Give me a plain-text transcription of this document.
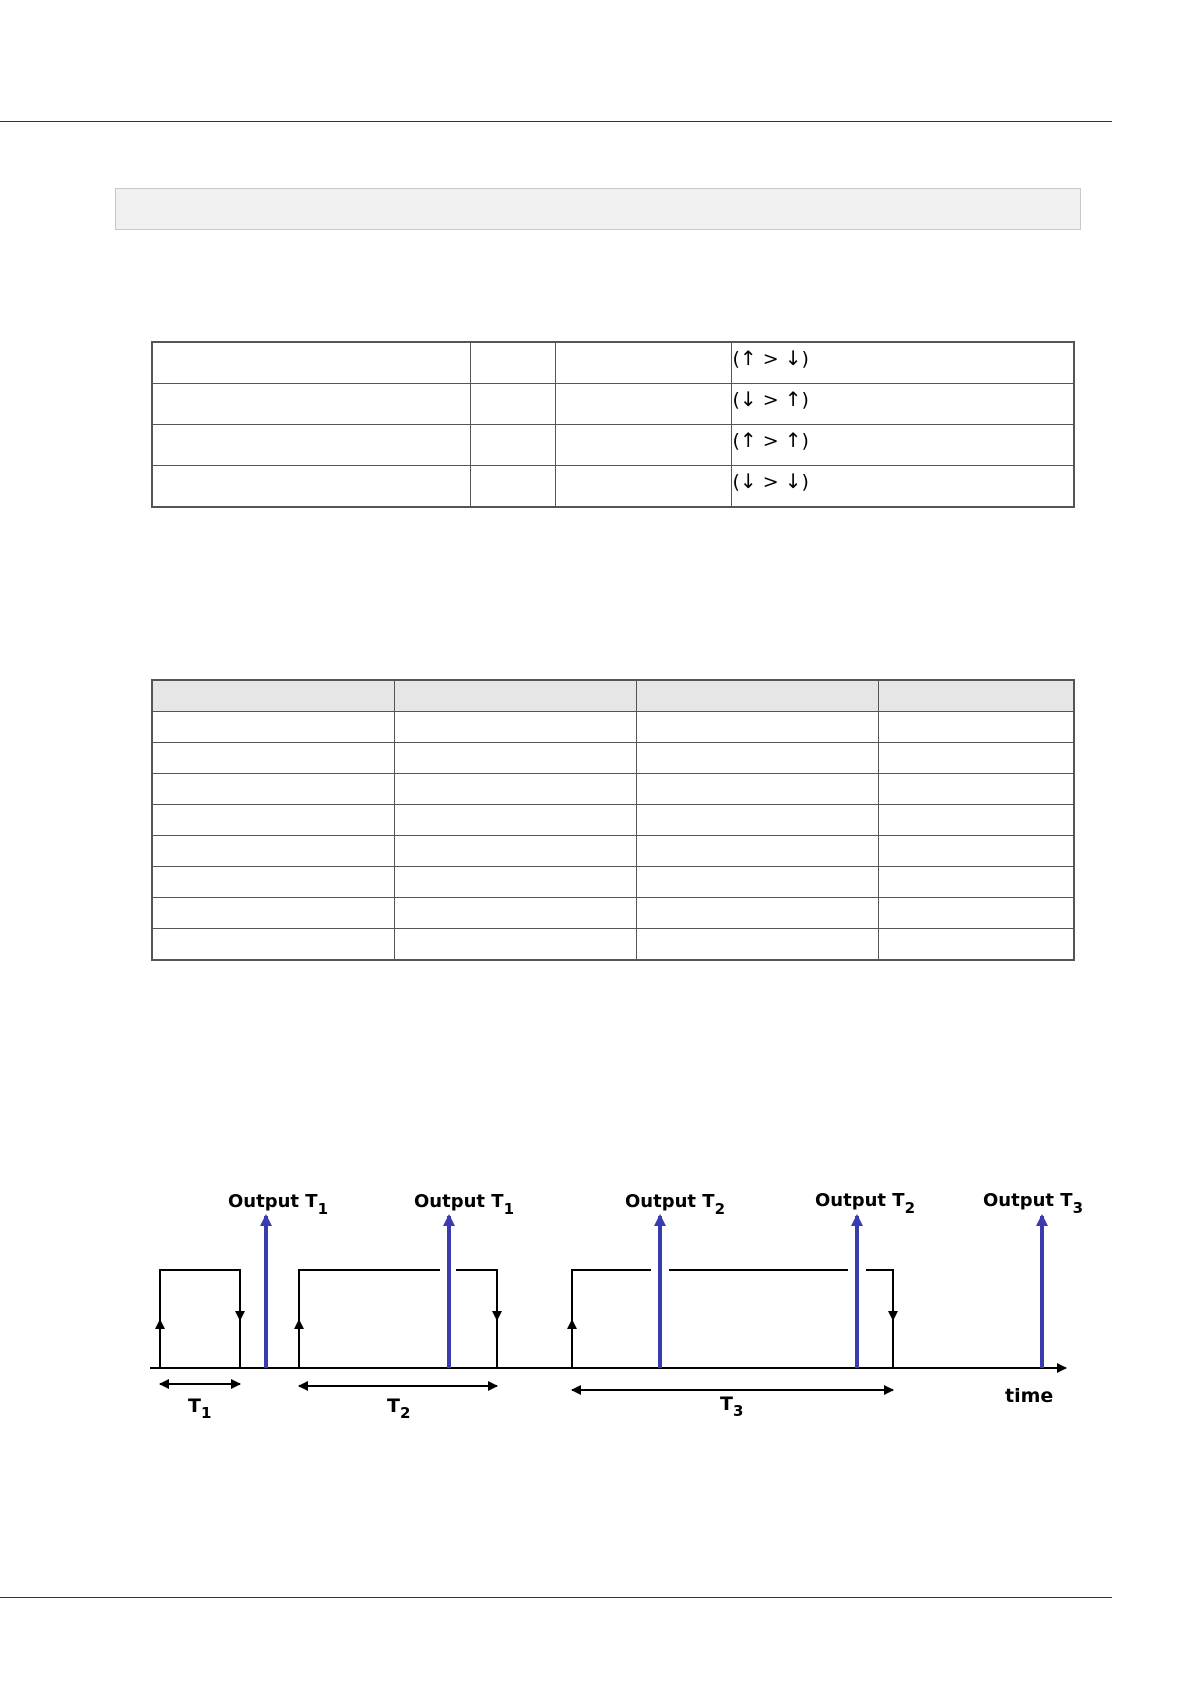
			(↑ > ↓)
			(↓ > ↑)
			(↑ > ↑)
			(↓ > ↓)

time
Output $T_1$	Output $T_1$	Output $T_2$	Output $T_2$	Output $T_3$
$T_1$	$T_2$	$T_3$
